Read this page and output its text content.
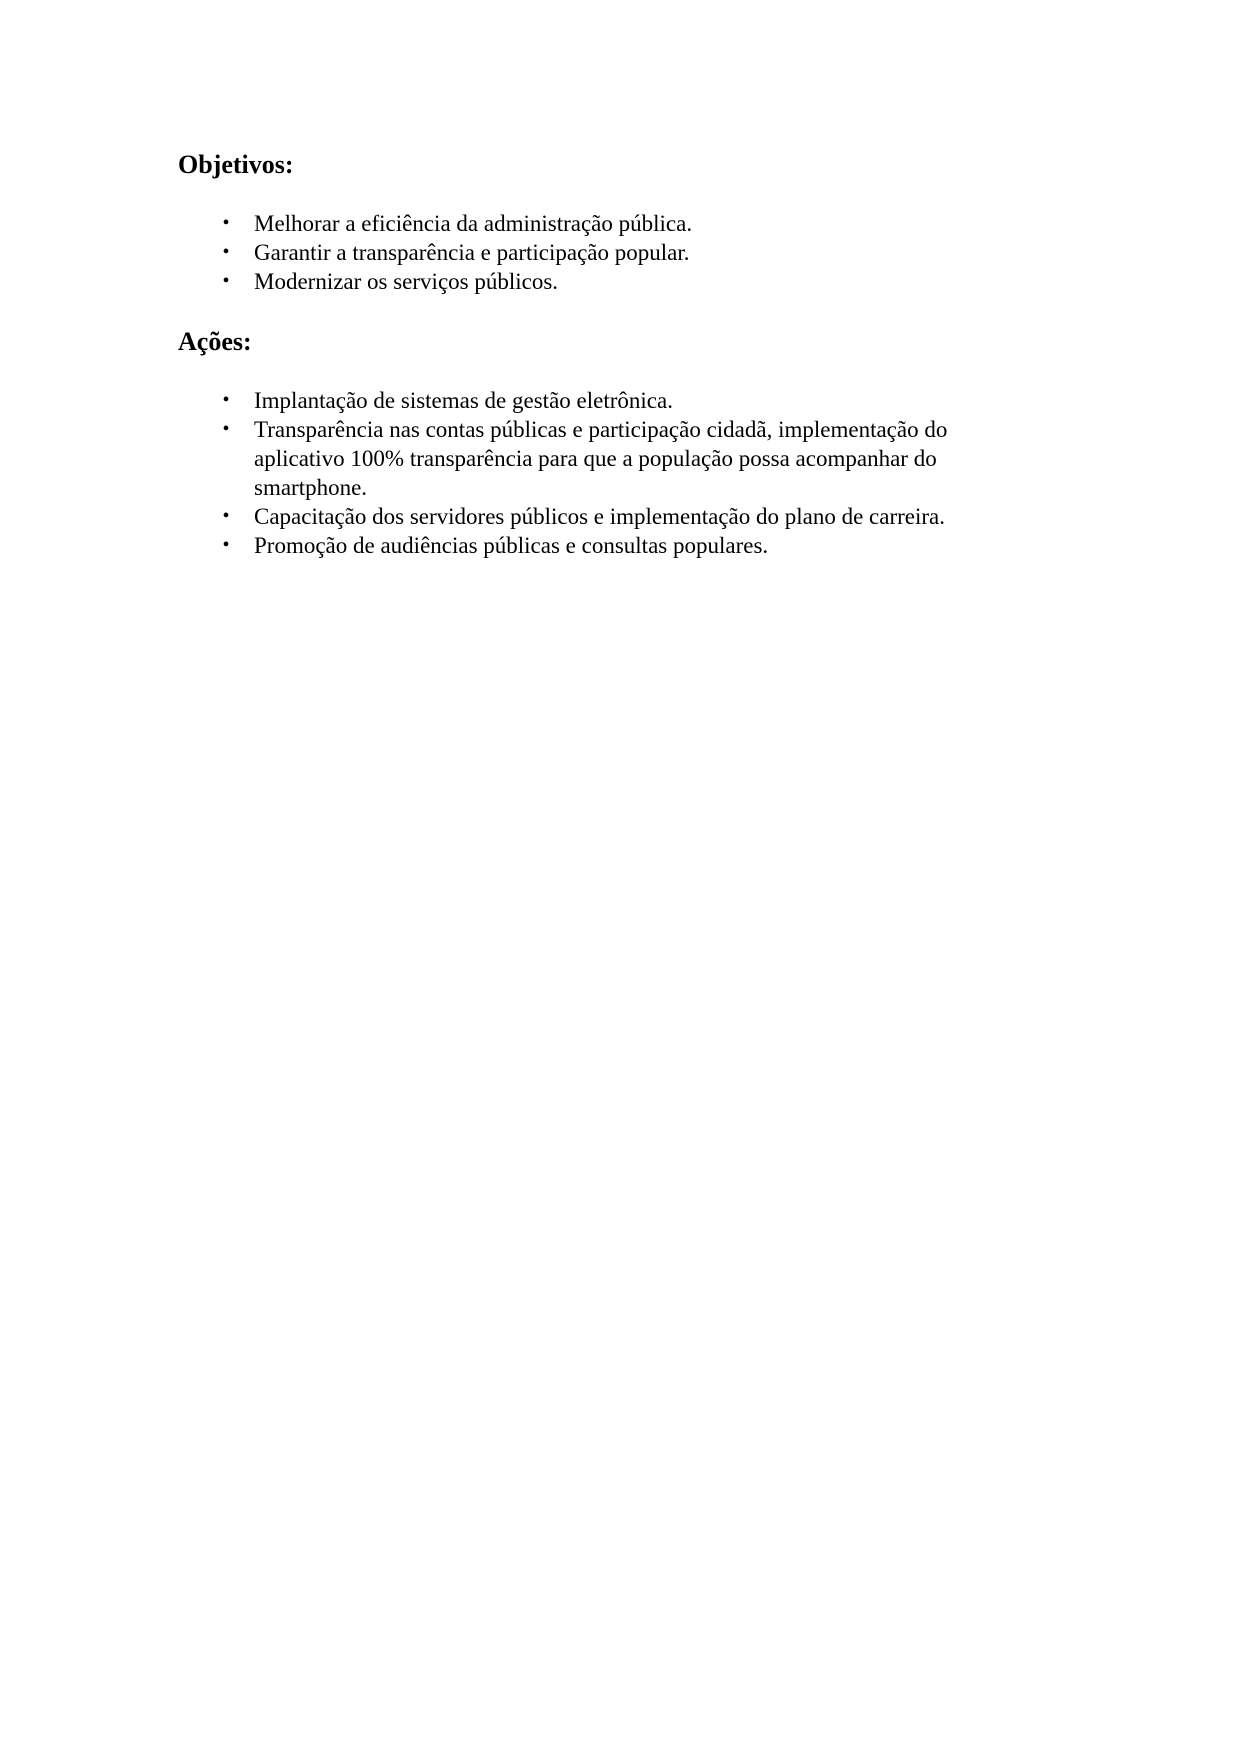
Objetivos:
• Melhorar a eficiência da administração pública.
• Garantir a transparência e participação popular.
• Modernizar os serviços públicos.
Ações:
• Implantação de sistemas de gestão eletrônica.
• Transparência nas contas públicas e participação cidadã, implementação do aplicativo 100% transparência para que a população possa acompanhar do smartphone.
• Capacitação dos servidores públicos e implementação do plano de carreira.
• Promoção de audiências públicas e consultas populares.
